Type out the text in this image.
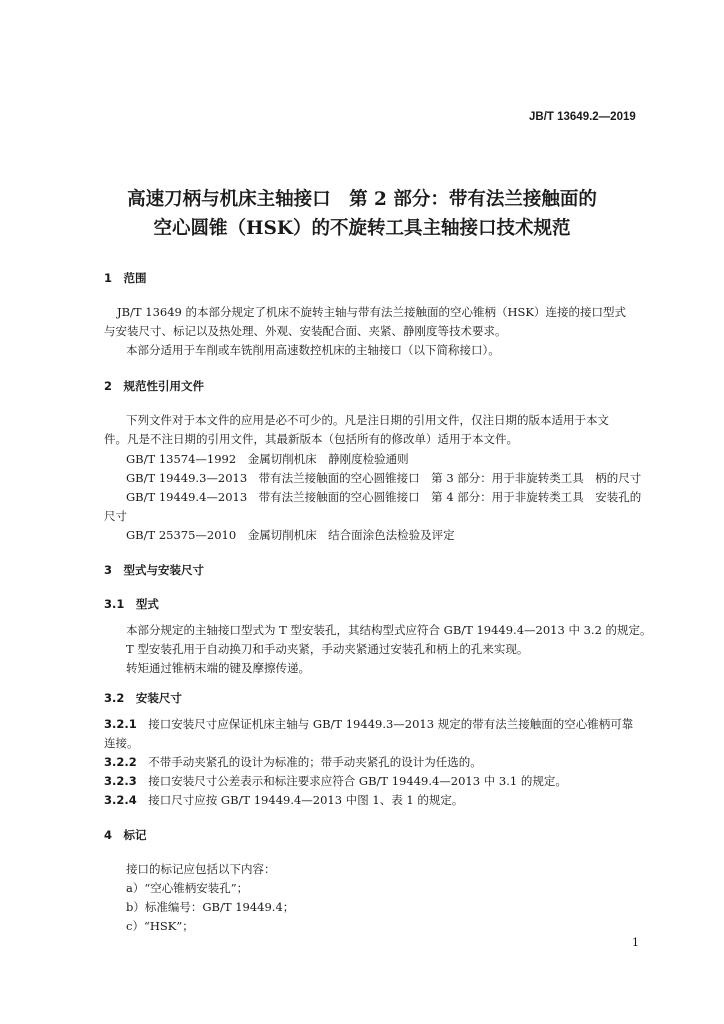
JB/T 13649.2—2019
高速刀柄与机床主轴接口　第 2 部分：带有法兰接触面的
空心圆锥（HSK）的不旋转工具主轴接口技术规范
1　范围
JB/T 13649 的本部分规定了机床不旋转主轴与带有法兰接触面的空心锥柄（HSK）连接的接口型式
与安装尺寸、标记以及热处理、外观、安装配合面、夹紧、静刚度等技术要求。
本部分适用于车削或车铣削用高速数控机床的主轴接口（以下简称接口）。
2　规范性引用文件
下列文件对于本文件的应用是必不可少的。凡是注日期的引用文件，仅注日期的版本适用于本文
件。凡是不注日期的引用文件，其最新版本（包括所有的修改单）适用于本文件。
GB/T 13574—1992　金属切削机床　静刚度检验通则
GB/T 19449.3—2013　带有法兰接触面的空心圆锥接口　第 3 部分：用于非旋转类工具　柄的尺寸
GB/T 19449.4—2013　带有法兰接触面的空心圆锥接口　第 4 部分：用于非旋转类工具　安装孔的
尺寸
GB/T 25375—2010　金属切削机床　结合面涂色法检验及评定
3　型式与安装尺寸
3.1　型式
本部分规定的主轴接口型式为 T 型安装孔，其结构型式应符合 GB/T 19449.4—2013 中 3.2 的规定。
T 型安装孔用于自动换刀和手动夹紧，手动夹紧通过安装孔和柄上的孔来实现。
转矩通过锥柄末端的键及摩擦传递。
3.2　安装尺寸
3.2.1　 接口安装尺寸应保证机床主轴与 GB/T 19449.3—2013 规定的带有法兰接触面的空心锥柄可靠
连接。
3.2.2　 不带手动夹紧孔的设计为标准的；带手动夹紧孔的设计为任选的。
3.2.3　 接口安装尺寸公差表示和标注要求应符合 GB/T 19449.4—2013 中 3.1 的规定。
3.2.4　 接口尺寸应按 GB/T 19449.4—2013 中图 1、表 1 的规定。
4　标记
接口的标记应包括以下内容：
a）“空心锥柄安装孔”；
b）标准编号：GB/T 19449.4；
c）“HSK”；
1
